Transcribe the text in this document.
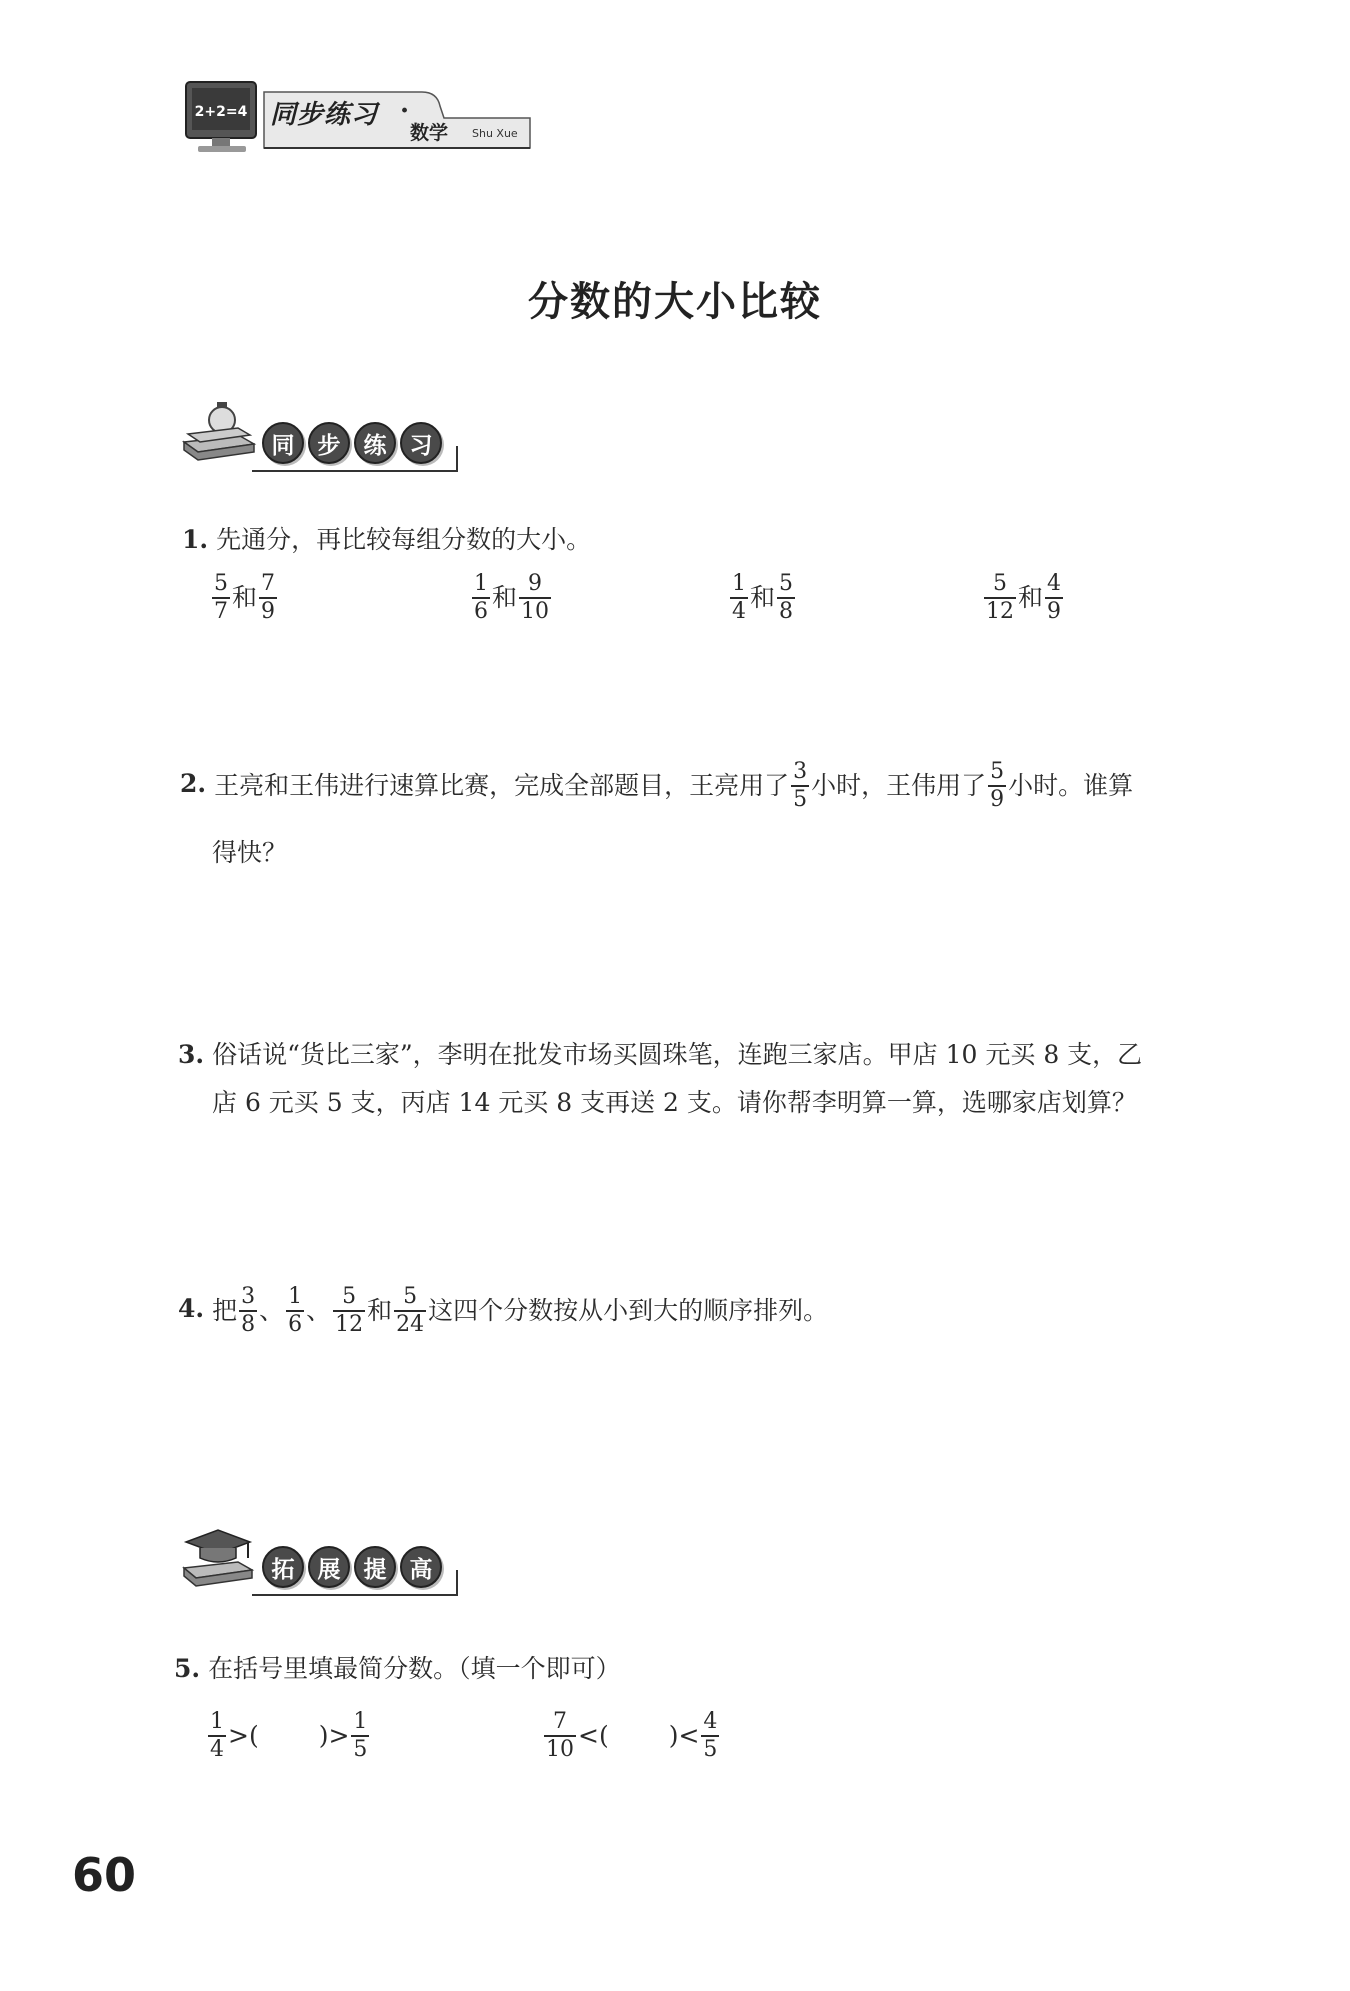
2+2=4 同步练习 ·
数学 Shu Xue
分数的大小比较
同	步	练	习
1. 先通分，再比较每组分数的大小。
$\frac{5}{7}$ 和 $\frac{7}{9}$	$\frac{1}{6}$ 和 $\frac{9}{10}$	$\frac{1}{4}$ 和 $\frac{5}{8}$	$\frac{5}{12}$ 和 $\frac{4}{9}$
2. 王亮和王伟进行速算比赛，完成全部题目，王亮用了 $\frac{3}{5}$ 小时，王伟用了 $\frac{5}{9}$ 小时。谁算
得快？
3. 俗话说“货比三家”，李明在批发市场买圆珠笔，连跑三家店。甲店 10 元买 8 支，乙
店 6 元买 5 支，丙店 14 元买 8 支再送 2 支。请你帮李明算一算，选哪家店划算？
4. 把 $\frac{3}{8}$ 、 $\frac{1}{6}$ 、 $\frac{5}{12}$ 和 $\frac{5}{24}$ 这四个分数按从小到大的顺序排列。
拓	展	提	高
5. 在括号里填最简分数。（填一个即可）
$\frac{1}{4}$ >( )> $\frac{1}{5}$	$\frac{7}{10}$ <( )< $\frac{4}{5}$
60
